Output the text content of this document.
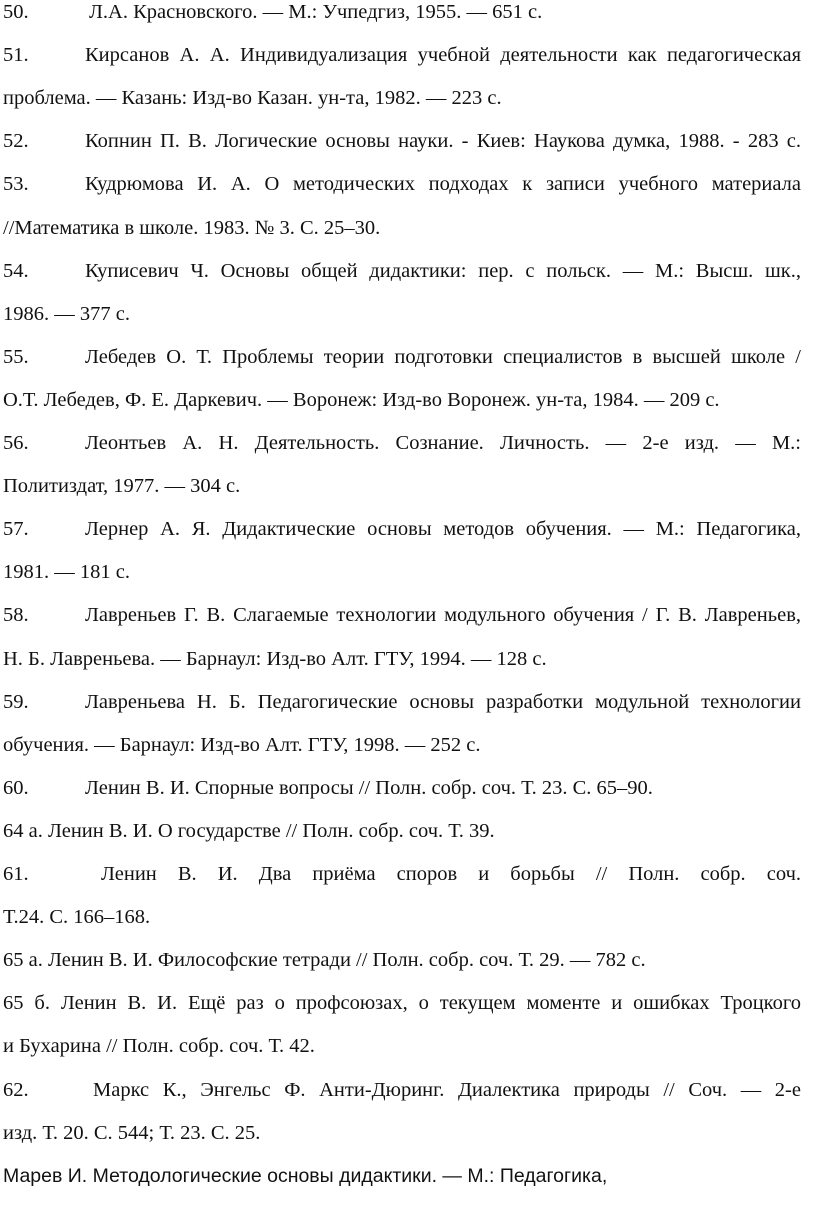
50.	Л.А. Красновского. — М.: Учпедгиз, 1955. — 651 с.
51.	Кирсанов А. А. Индивидуализация учебной деятельности как педагогическая
проблема. — Казань: Изд-во Казан. ун-та, 1982. — 223 с.
52.	Копнин П. В. Логические основы науки. - Киев: Наукова думка, 1988. - 283 с.
53.	Кудрюмова И. А. О методических подходах к записи учебного материала
//Математика в школе. 1983. № 3. С. 25–30.
54.	Куписевич Ч. Основы общей дидактики: пер. с польск. — М.: Высш. шк.,
1986. — 377 с.
55.	Лебедев О. Т. Проблемы теории подготовки специалистов в высшей школе /
О.Т. Лебедев, Ф. Е. Даркевич. — Воронеж: Изд-во Воронеж. ун-та, 1984. — 209 с.
56.	Леонтьев А. Н. Деятельность. Сознание. Личность. — 2-е изд. — М.:
Политиздат, 1977. — 304 с.
57.	Лернер А. Я. Дидактические основы методов обучения. — М.: Педагогика,
1981. — 181 с.
58.	Лавреньев Г. В. Слагаемые технологии модульного обучения / Г. В. Лавреньев,
Н. Б. Лавреньева. — Барнаул: Изд-во Алт. ГТУ, 1994. — 128 с.
59.	Лавреньева Н. Б. Педагогические основы разработки модульной технологии
обучения. — Барнаул: Изд-во Алт. ГТУ, 1998. — 252 с.
60.	Ленин В. И. Спорные вопросы // Полн. собр. соч. Т. 23. С. 65–90.
64 а. Ленин В. И. О государстве // Полн. собр. соч. Т. 39.
61.	Ленин В. И. Два приёма споров и борьбы // Полн. собр. соч.
Т.24. С. 166–168.
65 а. Ленин В. И. Философские тетради // Полн. собр. соч. Т. 29. — 782 с.
65 б. Ленин В. И. Ещё раз о профсоюзах, о текущем моменте и ошибках Троцкого
и Бухарина // Полн. собр. соч. Т. 42.
62.	Маркс К., Энгельс Ф. Анти-Дюринг. Диалектика природы // Соч. — 2-е
изд. Т. 20. С. 544; Т. 23. С. 25.
Марев И. Методологические основы дидактики. — М.: Педагогика,
